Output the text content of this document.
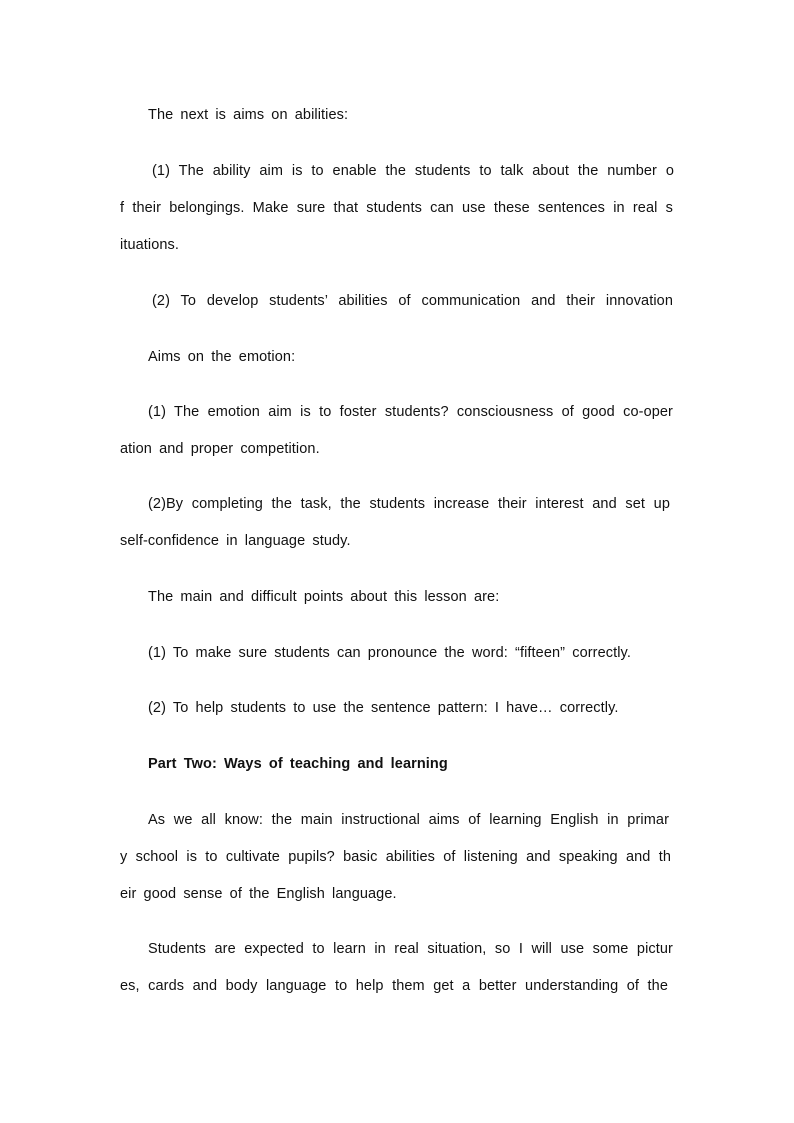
The next is aims on abilities:
(1) The ability aim is to enable the students to talk about the number o
f their belongings. Make sure that students can use these sentences in real s
ituations.
(2) To develop students’ abilities of communication and their innovation
Aims on the emotion:
(1) The emotion aim is to foster students? consciousness of good co-oper
ation and proper competition.
(2)By completing the task, the students increase their interest and set up
self-confidence in language study.
The main and difficult points about this lesson are:
(1) To make sure students can pronounce the word: “fifteen” correctly.
(2) To help students to use the sentence pattern: I have… correctly.
Part Two: Ways of teaching and learning
As we all know: the main instructional aims of learning English in primar
y school is to cultivate pupils? basic abilities of listening and speaking and th
eir good sense of the English language.
Students are expected to learn in real situation, so I will use some pictur
es, cards and body language to help them get a better understanding of the
